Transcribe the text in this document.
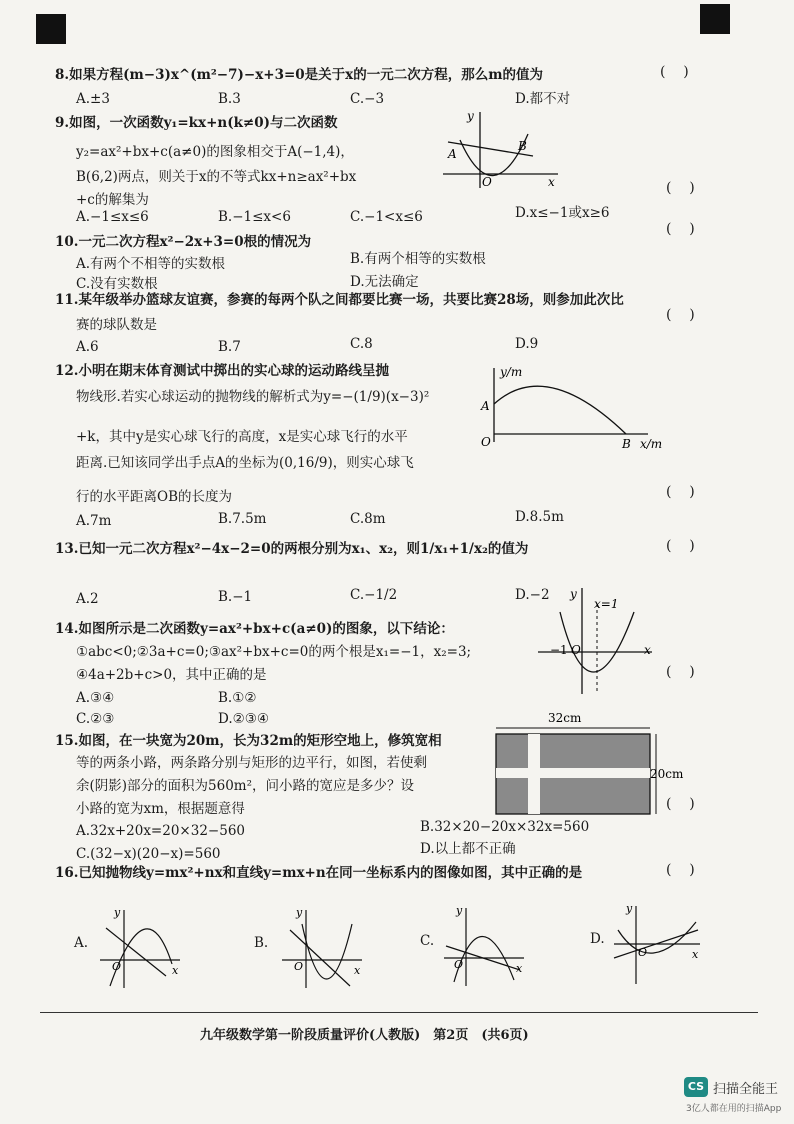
8.如果方程(m−3)x^(m²−7)−x+3=0是关于x的一元二次方程，那么m的值为	(    )
A.±3	B.3	C.−3	D.都不对
9.如图，一次函数y₁=kx+n(k≠0)与二次函数
y₂=ax²+bx+c(a≠0)的图象相交于A(−1,4)，
B(6,2)两点，则关于x的不等式kx+n≥ax²+bx
+c的解集为
y
x
O
A
B
(    )
A.−1≤x≤6	B.−1≤x<6	C.−1<x≤6	D.x≤−1或x≥6
10.一元二次方程x²−2x+3=0根的情况为
(    )
A.有两个不相等的实数根	B.有两个相等的实数根
C.没有实数根	D.无法确定
11.某年级举办篮球友谊赛，参赛的每两个队之间都要比赛一场，共要比赛28场，则参加此次比
赛的球队数是
(    )
A.6	B.7	C.8	D.9
12.小明在期末体育测试中掷出的实心球的运动路线呈抛
物线形.若实心球运动的抛物线的解析式为y=−(1/9)(x−3)²
+k，其中y是实心球飞行的高度，x是实心球飞行的水平
距离.已知该同学出手点A的坐标为(0,16/9)，则实心球飞
行的水平距离OB的长度为
y/m
A
O	B x/m
(    )
A.7m	B.7.5m	C.8m	D.8.5m
13.已知一元二次方程x²−4x−2=0的两根分别为x₁、x₂，则1/x₁+1/x₂的值为	(    )
A.2	B.−1	C.−1/2	D.−2
14.如图所示是二次函数y=ax²+bx+c(a≠0)的图象，以下结论：
①abc<0;②3a+c=0;③ax²+bx+c=0的两个根是x₁=−1，x₂=3;
④4a+2b+c>0，其中正确的是
y
x=1
−1 O	x
(    )
A.③④	B.①②
C.②③	D.②③④
15.如图，在一块宽为20m，长为32m的矩形空地上，修筑宽相
等的两条小路，两条路分别与矩形的边平行，如图，若使剩
余(阴影)部分的面积为560m²，问小路的宽应是多少？设
小路的宽为xm，根据题意得
32cm
20cm
(    )
A.32x+20x=20×32−560	B.32×20−20x×32x=560
C.(32−x)(20−x)=560	D.以上都不正确
16.已知抛物线y=mx²+nx和直线y=mx+n在同一坐标系内的图像如图，其中正确的是	(    )
A.
y
O	x
B.
y
O	x
C.
y
O	x
D.
y
O	x
九年级数学第一阶段质量评价(人教版)　第2页　(共6页)
CS 扫描全能王
3亿人都在用的扫描App
